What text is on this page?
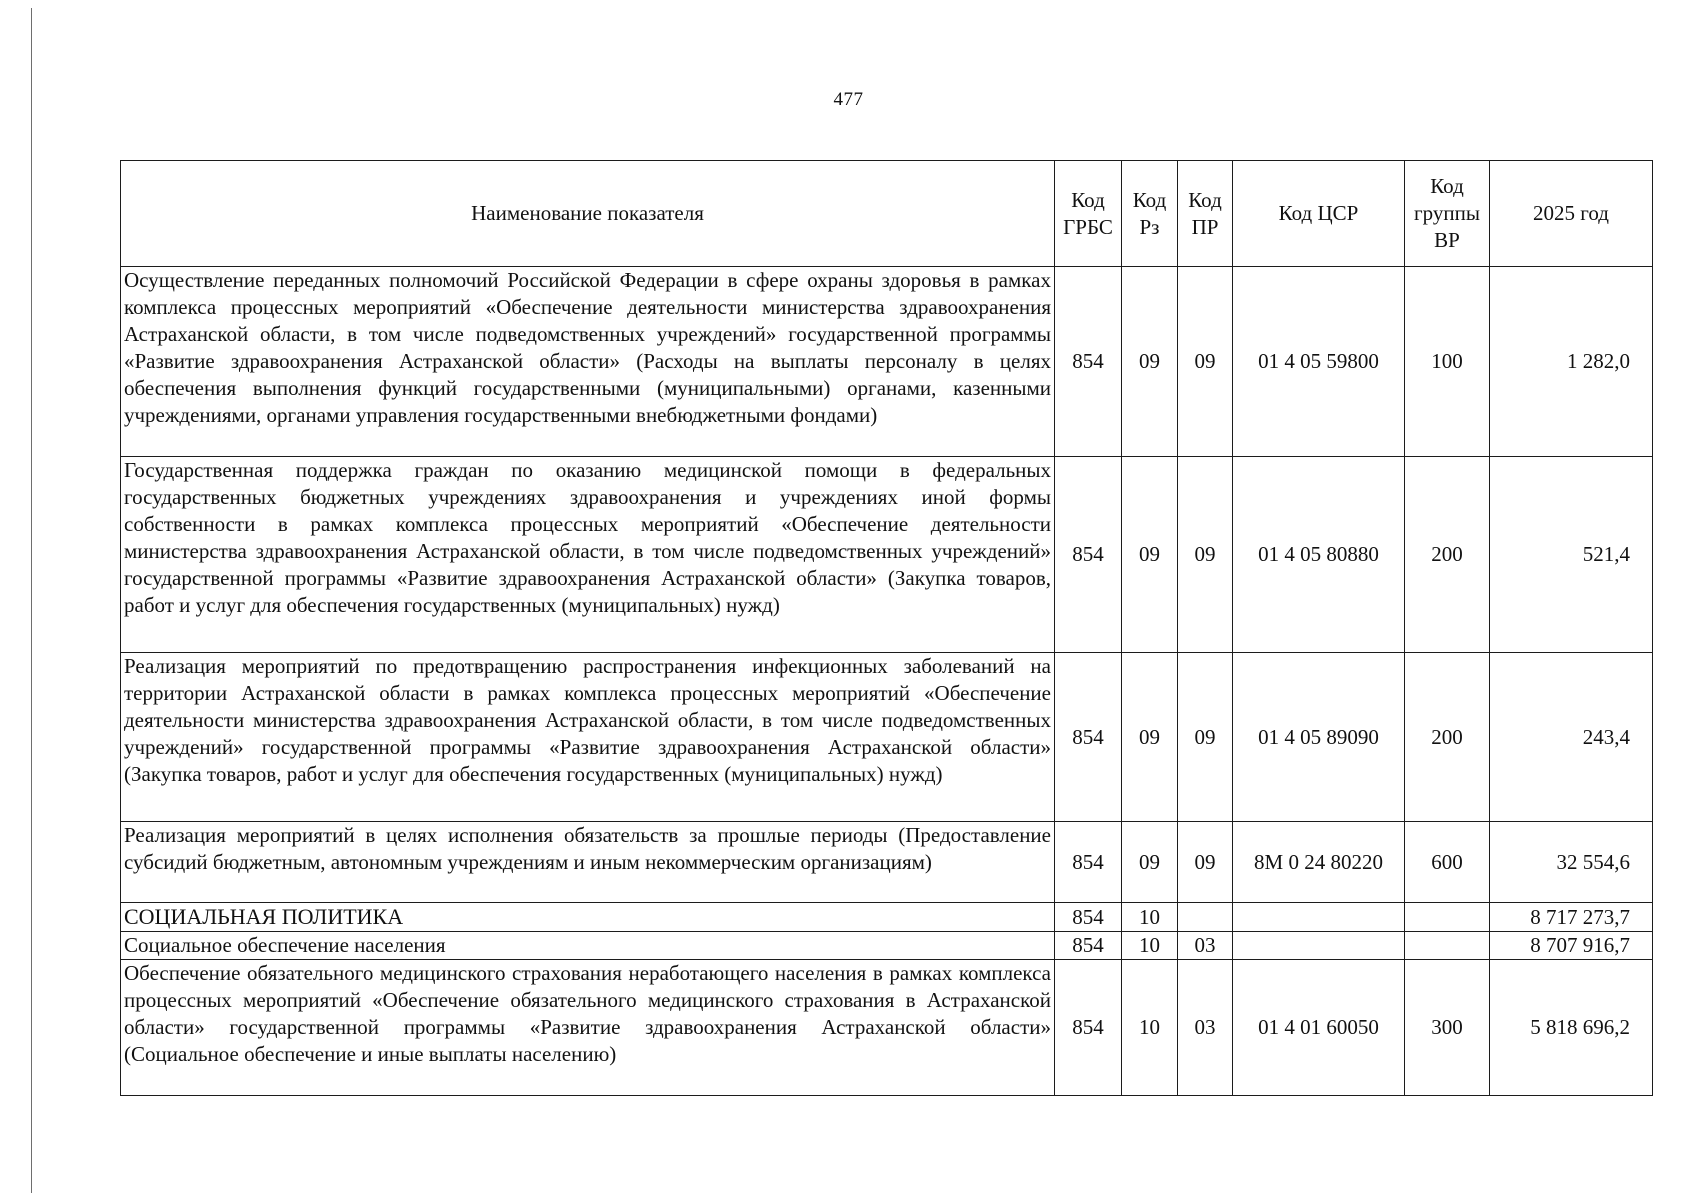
477
Наименование показателя	Код ГРБС	Код Рз	Код ПР	Код ЦСР	Код группы ВР	2025 год
Осуществление переданных полномочий Российской Федерации в сфере охраны здоровья в рамках комплекса процессных мероприятий «Обеспечение деятельности министерства здравоохранения Астраханской области, в том числе подведомственных учреждений» государственной программы «Развитие здравоохранения Астраханской области» (Расходы на выплаты персоналу в целях обеспечения выполнения функций государственными (муниципальными) органами, казенными учреждениями, органами управления государственными внебюджетными фондами)	854	09	09	01 4 05 59800	100	1 282,0
Государственная поддержка граждан по оказанию медицинской помощи в федеральных государственных бюджетных учреждениях здравоохранения и учреждениях иной формы собственности в рамках комплекса процессных мероприятий «Обеспечение деятельности министерства здравоохранения Астраханской области, в том числе подведомственных учреждений» государственной программы «Развитие здравоохранения Астраханской области» (Закупка товаров, работ и услуг для обеспечения государственных (муниципальных) нужд)	854	09	09	01 4 05 80880	200	521,4
Реализация мероприятий по предотвращению распространения инфекционных заболеваний на территории Астраханской области в рамках комплекса процессных мероприятий «Обеспечение деятельности министерства здравоохранения Астраханской области, в том числе подведомственных учреждений» государственной программы «Развитие здравоохранения Астраханской области» (Закупка товаров, работ и услуг для обеспечения государственных (муниципальных) нужд)	854	09	09	01 4 05 89090	200	243,4
Реализация мероприятий в целях исполнения обязательств за прошлые периоды (Предоставление субсидий бюджетным, автономным учреждениям и иным некоммерческим организациям)	854	09	09	8М 0 24 80220	600	32 554,6
СОЦИАЛЬНАЯ ПОЛИТИКА	854	10				8 717 273,7
Социальное обеспечение населения	854	10	03			8 707 916,7
Обеспечение обязательного медицинского страхования неработающего населения в рамках комплекса процессных мероприятий «Обеспечение обязательного медицинского страхования в Астраханской области» государственной программы «Развитие здравоохранения Астраханской области» (Социальное обеспечение и иные выплаты населению)	854	10	03	01 4 01 60050	300	5 818 696,2
